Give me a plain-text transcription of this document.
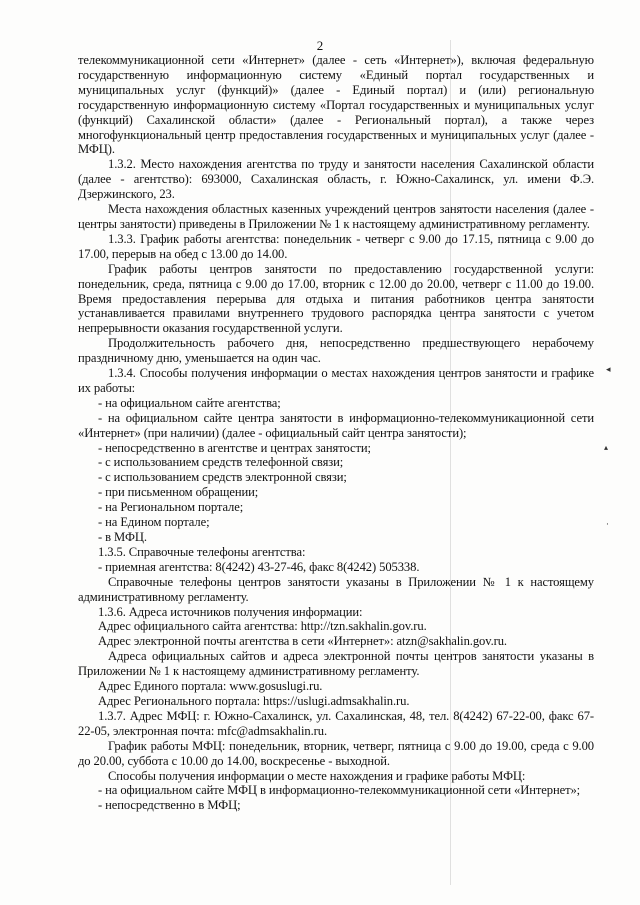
2
◂
▴
·

телекоммуникационной сети «Интернет» (далее - сеть «Интернет»), включая федеральную государственную информационную систему «Единый портал государственных и муниципальных услуг (функций)» (далее - Единый портал) и (или) региональную государственную информационную систему «Портал государственных и муниципальных услуг (функций) Сахалинской области» (далее - Региональный портал), а также через многофункциональный центр предоставления государственных и муниципальных услуг (далее - МФЦ).

1.3.2. Место нахождения агентства по труду и занятости населения Сахалинской области (далее - агентство): 693000, Сахалинская область, г. Южно-Сахалинск, ул. имени Ф.Э. Дзержинского, 23.

Места нахождения областных казенных учреждений центров занятости населения (далее - центры занятости) приведены в Приложении № 1 к настоящему административному регламенту.

1.3.3. График работы агентства: понедельник - четверг с 9.00 до 17.15, пятница с 9.00 до 17.00, перерыв на обед с 13.00 до 14.00.

График работы центров занятости по предоставлению государственной услуги: понедельник, среда, пятница с 9.00 до 17.00, вторник с 12.00 до 20.00, четверг с 11.00 до 19.00. Время предоставления перерыва для отдыха и питания работников центра занятости устанавливается правилами внутреннего трудового распорядка центра занятости с учетом непрерывности оказания государственной услуги.

Продолжительность рабочего дня, непосредственно предшествующего нерабочему праздничному дню, уменьшается на один час.

1.3.4. Способы получения информации о местах нахождения центров занятости и графике их работы:

- на официальном сайте агентства;

- на официальном сайте центра занятости в информационно-телекоммуникационной сети «Интернет» (при наличии) (далее - официальный сайт центра занятости);

- непосредственно в агентстве и центрах занятости;

- с использованием средств телефонной связи;

- с использованием средств электронной связи;

- при письменном обращении;

- на Региональном портале;

- на Едином портале;

- в МФЦ.

1.3.5. Справочные телефоны агентства:

- приемная агентства: 8(4242) 43-27-46, факс 8(4242) 505338.

Справочные телефоны центров занятости указаны в Приложении № 1 к настоящему административному регламенту.

1.3.6. Адреса источников получения информации:

Адрес официального сайта агентства: http://tzn.sakhalin.gov.ru.

Адрес электронной почты агентства в сети «Интернет»: atzn@sakhalin.gov.ru.

Адреса официальных сайтов и адреса электронной почты центров занятости указаны в Приложении № 1 к настоящему административному регламенту.

Адрес Единого портала: www.gosuslugi.ru.

Адрес Регионального портала: https://uslugi.admsakhalin.ru.

1.3.7. Адрес МФЦ: г. Южно-Сахалинск, ул. Сахалинская, 48, тел. 8(4242) 67-22-00, факс 67-22-05, электронная почта: mfc@admsakhalin.ru.

График работы МФЦ: понедельник, вторник, четверг, пятница с 9.00 до 19.00, среда с 9.00 до 20.00, суббота с 10.00 до 14.00, воскресенье - выходной.

Способы получения информации о месте нахождения и графике работы МФЦ:

- на официальном сайте МФЦ в информационно-телекоммуникационной сети «Интернет»;

- непосредственно в МФЦ;
